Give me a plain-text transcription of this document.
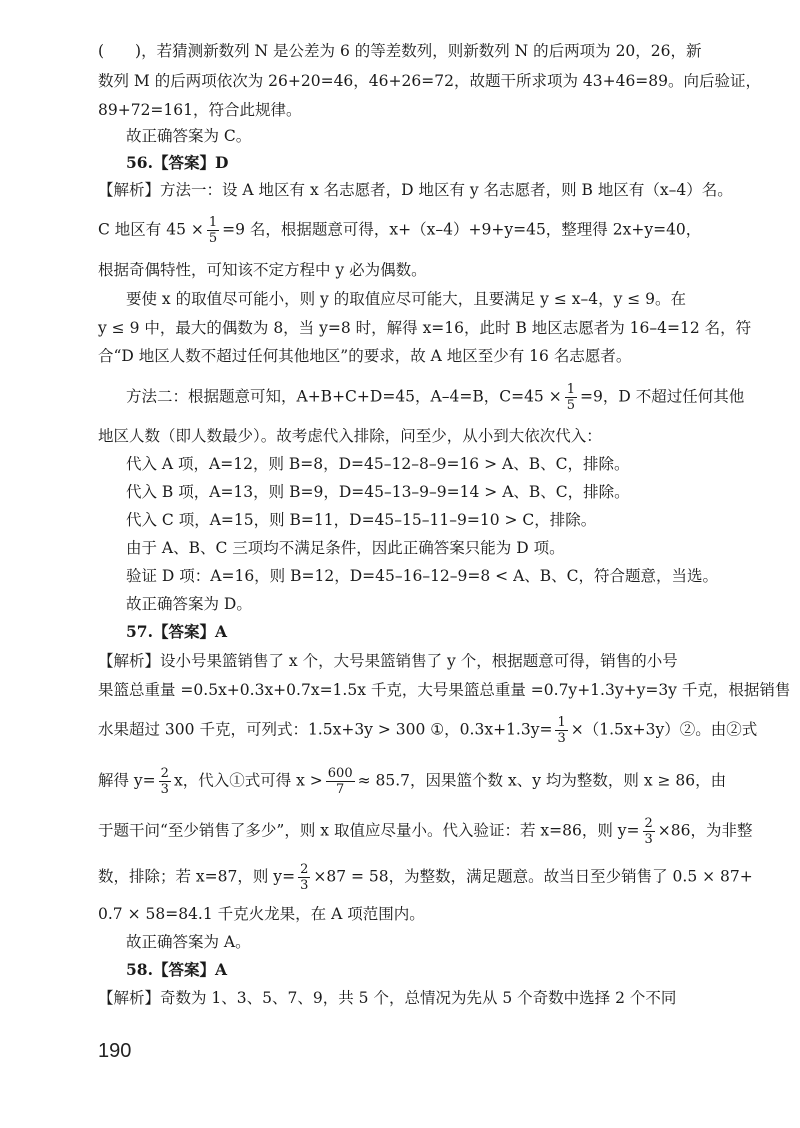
(　　)，若猜测新数列 N 是公差为 6 的等差数列，则新数列 N 的后两项为 20，26，新
数列 M 的后两项依次为 26+20=46，46+26=72，故题干所求项为 43+46=89。向后验证，
89+72=161，符合此规律。
故正确答案为 C。
56.【答案】D
【解析】方法一：设 A 地区有 x 名志愿者，D 地区有 y 名志愿者，则 B 地区有（x–4）名。
C 地区有 $45 \times \frac{1}{5} =9$ 名，根据题意可得，x+（x–4）+9+y=45，整理得 2x+y=40，
根据奇偶特性，可知该不定方程中 y 必为偶数。
要使 x 的取值尽可能小，则 y 的取值应尽可能大，且要满足 y ≤ x–4，y ≤ 9。在
y ≤ 9 中，最大的偶数为 8，当 y=8 时，解得 x=16，此时 B 地区志愿者为 16–4=12 名，符
合“D 地区人数不超过任何其他地区”的要求，故 A 地区至少有 16 名志愿者。
方法二：根据题意可知，A+B+C+D=45，A–4=B，$C=45 \times \frac{1}{5} =9$，D 不超过任何其他
地区人数（即人数最少）。故考虑代入排除，问至少，从小到大依次代入：
代入 A 项，A=12，则 B=8，D=45–12–8–9=16 > A、B、C，排除。
代入 B 项，A=13，则 B=9，D=45–13–9–9=14 > A、B、C，排除。
代入 C 项，A=15，则 B=11，D=45–15–11–9=10 > C，排除。
由于 A、B、C 三项均不满足条件，因此正确答案只能为 D 项。
验证 D 项：A=16，则 B=12，D=45–16–12–9=8 < A、B、C，符合题意，当选。
故正确答案为 D。
57.【答案】A
【解析】设小号果篮销售了 x 个，大号果篮销售了 y 个，根据题意可得，销售的小号
果篮总重量 =0.5x+0.3x+0.7x=1.5x 千克，大号果篮总重量 =0.7y+1.3y+y=3y 千克，根据销售
水果超过 300 千克，可列式：1.5x+3y > 300 ①，$0.3x+1.3y= \frac{1}{3}$ ×（1.5x+3y）②。由②式
解得 $y= \frac{2}{3}$ x，代入①式可得 $x > \frac{600}{7} \approx 85.7$，因果篮个数 x、y 均为整数，则 x ≥ 86，由
于题干问“至少销售了多少”，则 x 取值应尽量小。代入验证：若 x=86，则 $y= \frac{2}{3} \times 86$，为非整
数，排除；若 x=87，则 $y= \frac{2}{3} \times 87 = 58$，为整数，满足题意。故当日至少销售了 0.5 × 87+
0.7 × 58=84.1 千克火龙果，在 A 项范围内。
故正确答案为 A。
58.【答案】A
【解析】奇数为 1、3、5、7、9，共 5 个，总情况为先从 5 个奇数中选择 2 个不同
190
